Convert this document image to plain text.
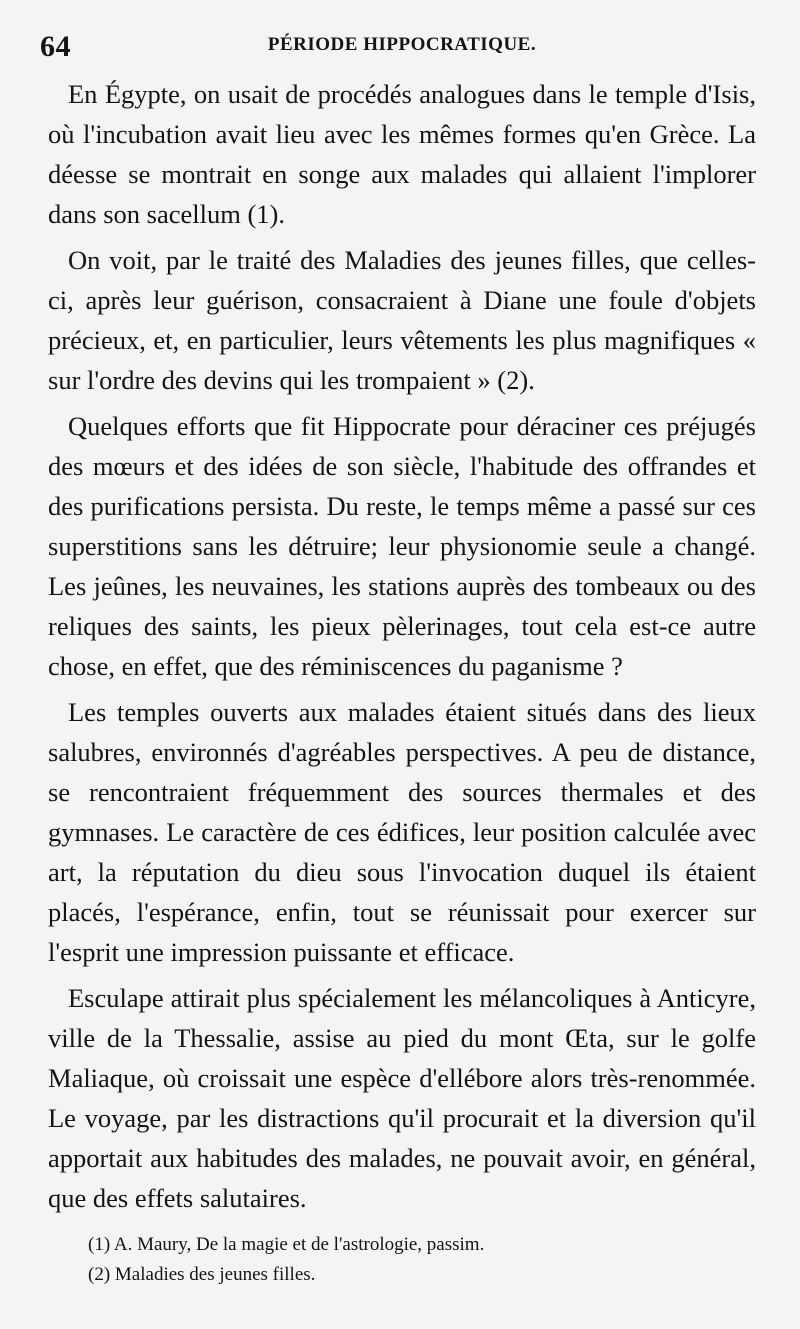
64	PÉRIODE HIPPOCRATIQUE.

En Égypte, on usait de procédés analogues dans le temple d'Isis, où l'incubation avait lieu avec les mêmes formes qu'en Grèce. La déesse se montrait en songe aux malades qui allaient l'implorer dans son sacellum (1).

On voit, par le traité des Maladies des jeunes filles, que celles-ci, après leur guérison, consacraient à Diane une foule d'objets précieux, et, en particulier, leurs vêtements les plus magnifiques « sur l'ordre des devins qui les trompaient » (2).

Quelques efforts que fit Hippocrate pour déraciner ces préjugés des mœurs et des idées de son siècle, l'habitude des offrandes et des purifications persista. Du reste, le temps même a passé sur ces superstitions sans les détruire; leur physionomie seule a changé. Les jeûnes, les neuvaines, les stations auprès des tombeaux ou des reliques des saints, les pieux pèlerinages, tout cela est-ce autre chose, en effet, que des réminiscences du paganisme ?

Les temples ouverts aux malades étaient situés dans des lieux salubres, environnés d'agréables perspectives. A peu de distance, se rencontraient fréquemment des sources thermales et des gymnases. Le caractère de ces édifices, leur position calculée avec art, la réputation du dieu sous l'invocation duquel ils étaient placés, l'espérance, enfin, tout se réunissait pour exercer sur l'esprit une impression puissante et efficace.

Esculape attirait plus spécialement les mélancoliques à Anticyre, ville de la Thessalie, assise au pied du mont Œta, sur le golfe Maliaque, où croissait une espèce d'ellébore alors très-renommée. Le voyage, par les distractions qu'il procurait et la diversion qu'il apportait aux habitudes des malades, ne pouvait avoir, en général, que des effets salutaires.

(1) A. Maury, De la magie et de l'astrologie, passim.

(2) Maladies des jeunes filles.
